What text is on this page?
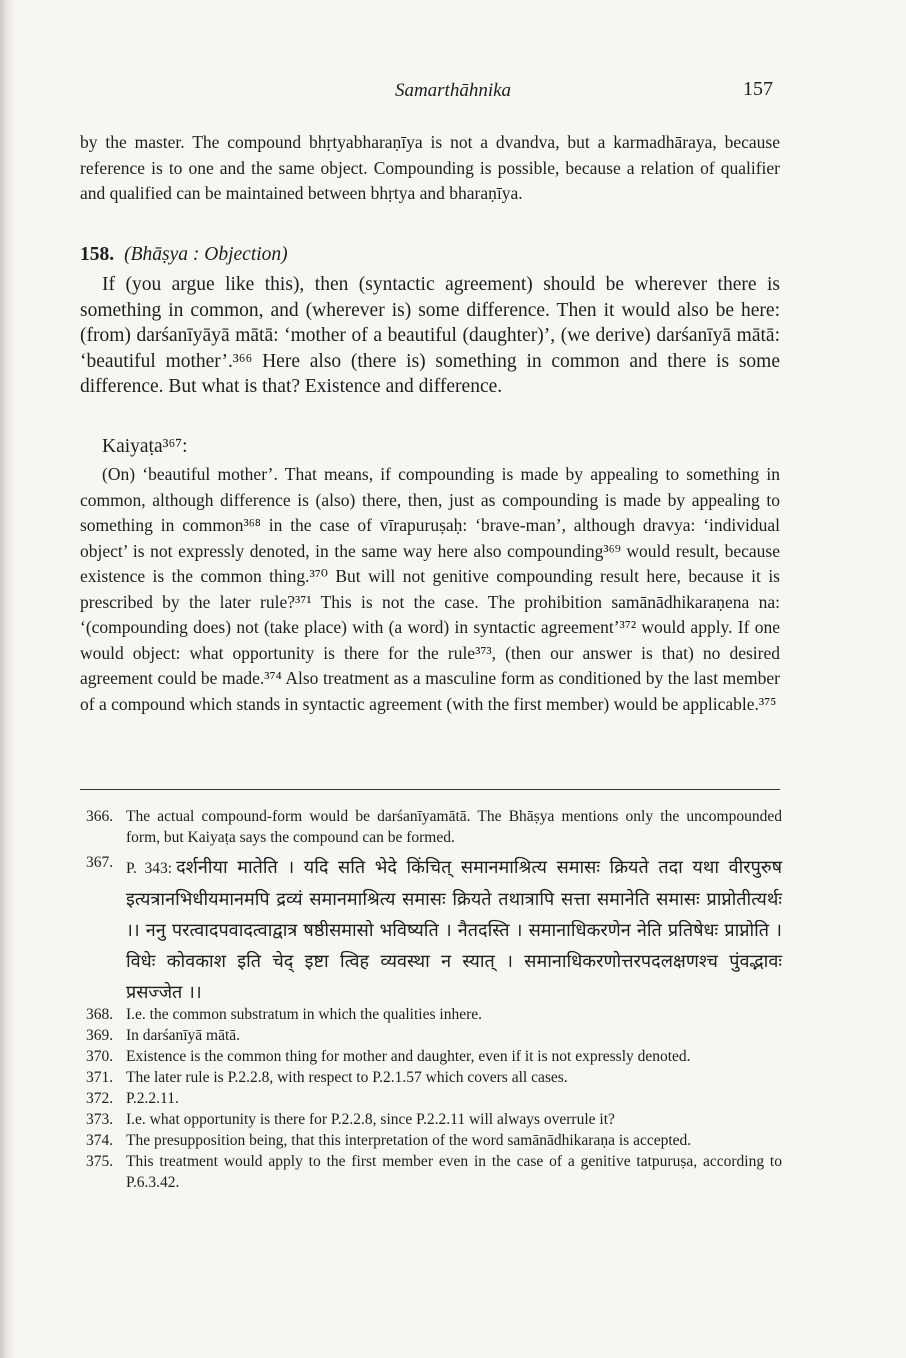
Samarthāhnika	157

by the master. The compound bhṛtyabharaṇīya is not a dvandva, but a karmadhāraya, because reference is to one and the same object. Compounding is possible, because a relation of qualifier and qualified can be maintained between bhṛtya and bharaṇīya.

158. (Bhāṣya : Objection)

If (you argue like this), then (syntactic agreement) should be wherever there is something in common, and (wherever is) some difference. Then it would also be here: (from) darśanīyāyā mātā: ‘mother of a beautiful (daughter)’, (we derive) darśanīyā mātā: ‘beautiful mother’.³⁶⁶ Here also (there is) something in common and there is some difference. But what is that? Existence and difference.

Kaiyaṭa³⁶⁷:

(On) ‘beautiful mother’. That means, if compounding is made by appealing to something in common, although difference is (also) there, then, just as compounding is made by appealing to something in common³⁶⁸ in the case of vīrapuruṣaḥ: ‘brave-man’, although dravya: ‘individual object’ is not expressly denoted, in the same way here also compounding³⁶⁹ would result, because existence is the common thing.³⁷⁰ But will not genitive compounding result here, because it is prescribed by the later rule?³⁷¹ This is not the case. The prohibition samānādhikaraṇena na: ‘(compounding does) not (take place) with (a word) in syntactic agreement’³⁷² would apply. If one would object: what opportunity is there for the rule³⁷³, (then our answer is that) no desired agreement could be made.³⁷⁴ Also treatment as a masculine form as conditioned by the last member of a compound which stands in syntactic agreement (with the first member) would be applicable.³⁷⁵

366. The actual compound-form would be darśanīyamātā. The Bhāṣya mentions only the uncompounded form, but Kaiyaṭa says the compound can be formed.
367. P. 343: दर्शनीया मातेति । यदि सति भेदे किंचित् समानमाश्रित्य समासः क्रियते तदा यथा वीरपुरुष इत्यत्रानभिधीयमानमपि द्रव्यं समानमाश्रित्य समासः क्रियते तथात्रापि सत्ता समानेति समासः प्राप्नोतीत्यर्थः ।। ननु परत्वादपवादत्वाद्वात्र षष्ठीसमासो भविष्यति । नैतदस्ति । समानाधिकरणेन नेति प्रतिषेधः प्राप्नोति । विधेः कोवकाश इति चेद् इष्टा त्विह व्यवस्था न स्यात् । समानाधिकरणोत्तरपदलक्षणश्च पुंवद्भावः प्रसज्जेत ।।
368. I.e. the common substratum in which the qualities inhere.
369. In darśanīyā mātā.
370. Existence is the common thing for mother and daughter, even if it is not expressly denoted.
371. The later rule is P.2.2.8, with respect to P.2.1.57 which covers all cases.
372. P.2.2.11.
373. I.e. what opportunity is there for P.2.2.8, since P.2.2.11 will always overrule it?
374. The presupposition being, that this interpretation of the word samānādhikaraṇa is accepted.
375. This treatment would apply to the first member even in the case of a genitive tatpuruṣa, according to P.6.3.42.
